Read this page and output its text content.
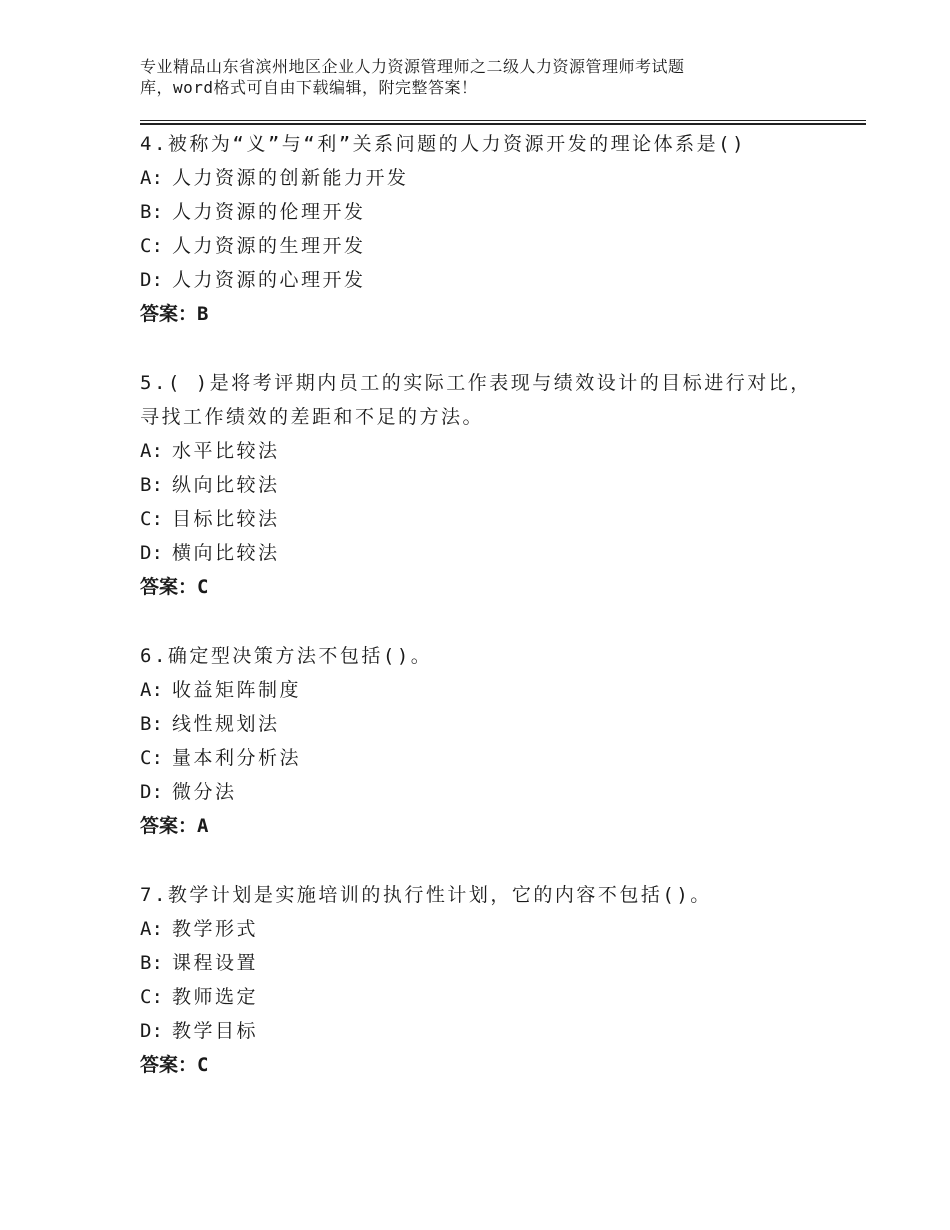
专业精品山东省滨州地区企业人力资源管理师之二级人力资源管理师考试题
库，word格式可自由下载编辑，附完整答案！
4.被称为“义”与“利”关系问题的人力资源开发的理论体系是()
A: 人力资源的创新能力开发
B: 人力资源的伦理开发
C: 人力资源的生理开发
D: 人力资源的心理开发
答案：B
5.( )是将考评期内员工的实际工作表现与绩效设计的目标进行对比，
寻找工作绩效的差距和不足的方法。
A: 水平比较法
B: 纵向比较法
C: 目标比较法
D: 横向比较法
答案：C
6.确定型决策方法不包括()。
A: 收益矩阵制度
B: 线性规划法
C: 量本利分析法
D: 微分法
答案：A
7.教学计划是实施培训的执行性计划，它的内容不包括()。
A: 教学形式
B: 课程设置
C: 教师选定
D: 教学目标
答案：C
